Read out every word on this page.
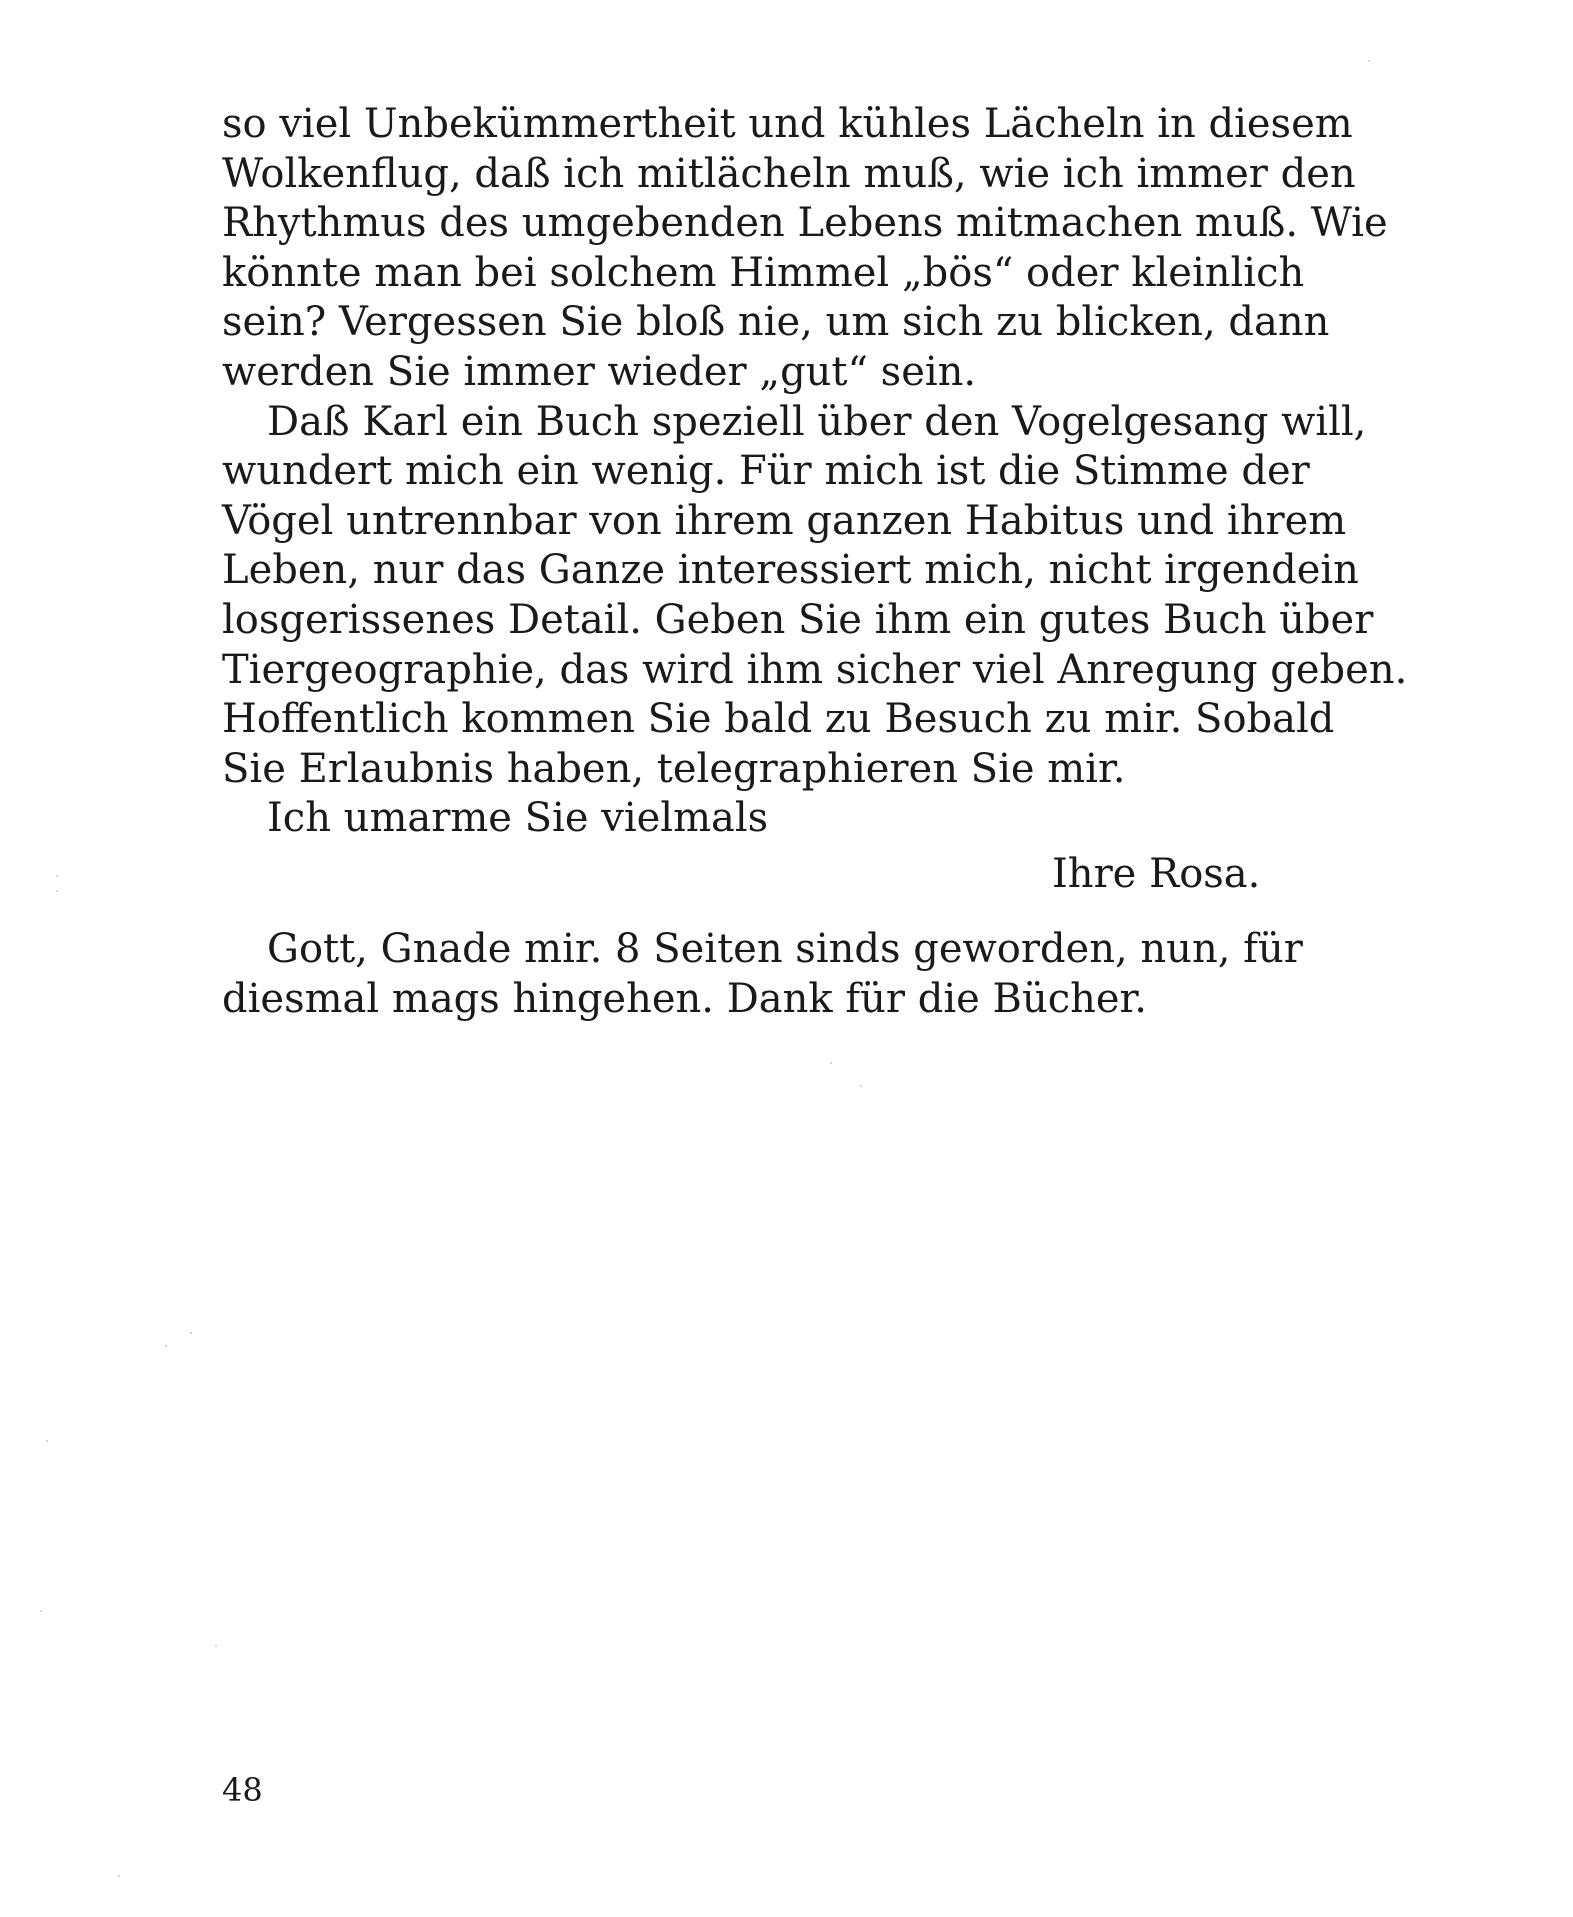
so viel Unbekümmertheit und kühles Lächeln in diesem
Wolkenflug, daß ich mitlächeln muß, wie ich immer den
Rhythmus des umgebenden Lebens mitmachen muß. Wie
könnte man bei solchem Himmel „bös“ oder kleinlich
sein? Vergessen Sie bloß nie, um sich zu blicken, dann
werden Sie immer wieder „gut“ sein.
Daß Karl ein Buch speziell über den Vogelgesang will,
wundert mich ein wenig. Für mich ist die Stimme der
Vögel untrennbar von ihrem ganzen Habitus und ihrem
Leben, nur das Ganze interessiert mich, nicht irgendein
losgerissenes Detail. Geben Sie ihm ein gutes Buch über
Tiergeographie, das wird ihm sicher viel Anregung geben.
Hoffentlich kommen Sie bald zu Besuch zu mir. Sobald
Sie Erlaubnis haben, telegraphieren Sie mir.
Ich umarme Sie vielmals
Ihre Rosa.
Gott, Gnade mir. 8 Seiten sinds geworden, nun, für
diesmal mags hingehen. Dank für die Bücher.
48
